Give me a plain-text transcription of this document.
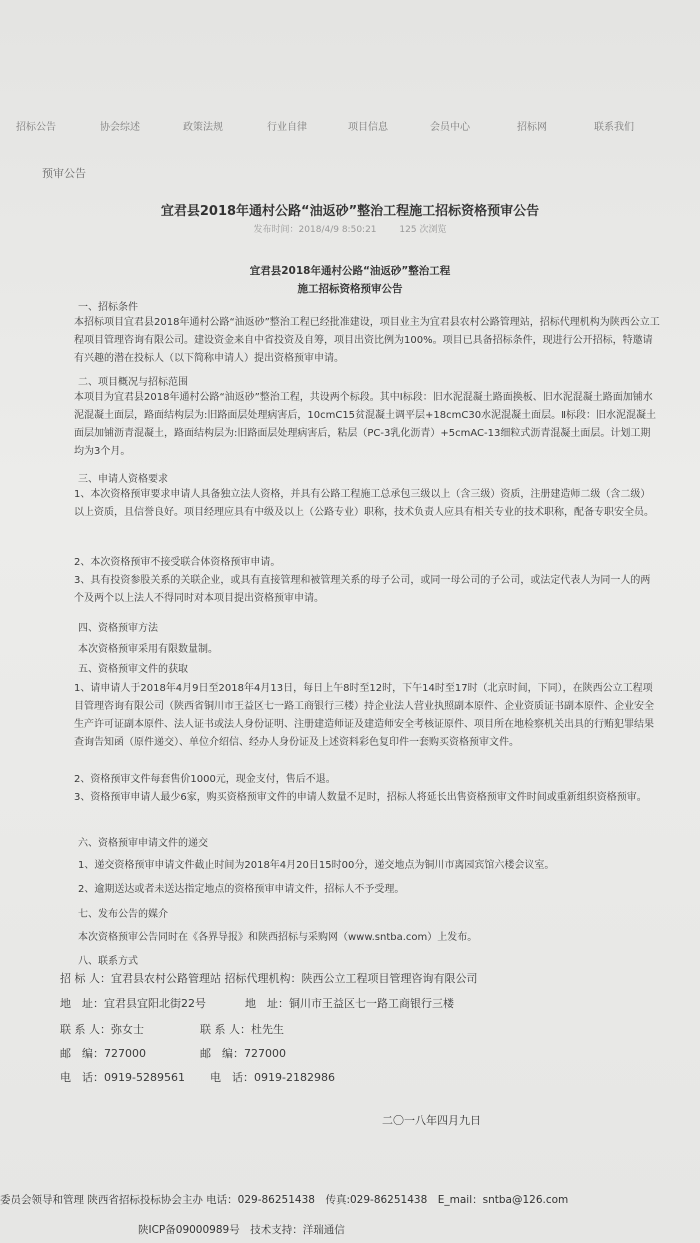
招标公告	协会综述	政策法规	行业自律	项目信息	会员中心	招标网	联系我们
预审公告
宜君县2018年通村公路“油返砂”整治工程施工招标资格预审公告
发布时间：2018/4/9 8:50:21	125 次浏览
宜君县2018年通村公路“油返砂”整治工程
施工招标资格预审公告
一、招标条件
本招标项目宜君县2018年通村公路“油返砂”整治工程已经批准建设，项目业主为宜君县农村公路管理站，招标代理机构为陕西公立工程项目管理咨询有限公司。建设资金来自中省投资及自筹，项目出资比例为100%。项目已具备招标条件，现进行公开招标，特邀请有兴趣的潜在投标人（以下简称申请人）提出资格预审申请。
二、项目概况与招标范围
本项目为宜君县2018年通村公路“油返砂”整治工程，共设两个标段。其中Ⅰ标段：旧水泥混凝土路面换板、旧水泥混凝土路面加铺水泥混凝土面层，路面结构层为:旧路面层处理病害后，10cmC15贫混凝土调平层+18cmC30水泥混凝土面层。Ⅱ标段：旧水泥混凝土面层加铺沥青混凝土，路面结构层为:旧路面层处理病害后，粘层（PC-3乳化沥青）+5cmAC-13细粒式沥青混凝土面层。计划工期均为3个月。
三、申请人资格要求
1、本次资格预审要求申请人具备独立法人资格，并具有公路工程施工总承包三级以上（含三级）资质，注册建造师二级（含二级）以上资质，且信誉良好。项目经理应具有中级及以上（公路专业）职称，技术负责人应具有相关专业的技术职称，配备专职安全员。
2、本次资格预审不接受联合体资格预审申请。
3、具有投资参股关系的关联企业，或具有直接管理和被管理关系的母子公司，或同一母公司的子公司，或法定代表人为同一人的两个及两个以上法人不得同时对本项目提出资格预审申请。
四、资格预审方法
本次资格预审采用有限数量制。
五、资格预审文件的获取
1、请申请人于2018年4月9日至2018年4月13日，每日上午8时至12时，下午14时至17时（北京时间，下同），在陕西公立工程项目管理咨询有限公司（陕西省铜川市王益区七一路工商银行三楼）持企业法人营业执照副本原件、企业资质证书副本原件、企业安全生产许可证副本原件、法人证书或法人身份证明、注册建造师证及建造师安全考核证原件、项目所在地检察机关出具的行贿犯罪结果查询告知函（原件递交）、单位介绍信、经办人身份证及上述资料彩色复印件一套购买资格预审文件。
2、资格预审文件每套售价1000元，现金支付，售后不退。
3、资格预审申请人最少6家，购买资格预审文件的申请人数量不足时，招标人将延长出售资格预审文件时间或重新组织资格预审。
六、资格预审申请文件的递交
1、递交资格预审申请文件截止时间为2018年4月20日15时00分，递交地点为铜川市离园宾馆六楼会议室。
2、逾期送达或者未送达指定地点的资格预审申请文件，招标人不予受理。
七、发布公告的媒介
本次资格预审公告同时在《各界导报》和陕西招标与采购网（www.sntba.com）上发布。
八、联系方式
招 标 人：宜君县农村公路管理站 招标代理机构：陕西公立工程项目管理咨询有限公司
地　址：宜君县宜阳北街22号	地　址：铜川市王益区七一路工商银行三楼
联 系 人：弥女士	联 系 人：杜先生
邮　编：727000	邮　编：727000
电　话：0919-5289561 电　话：0919-2182986
二〇一八年四月九日
委员会领导和管理 陕西省招标投标协会主办 电话：029-86251438　传真:029-86251438　E_mail：sntba@126.com
陕ICP备09000989号　技术支持：洋瑞通信
